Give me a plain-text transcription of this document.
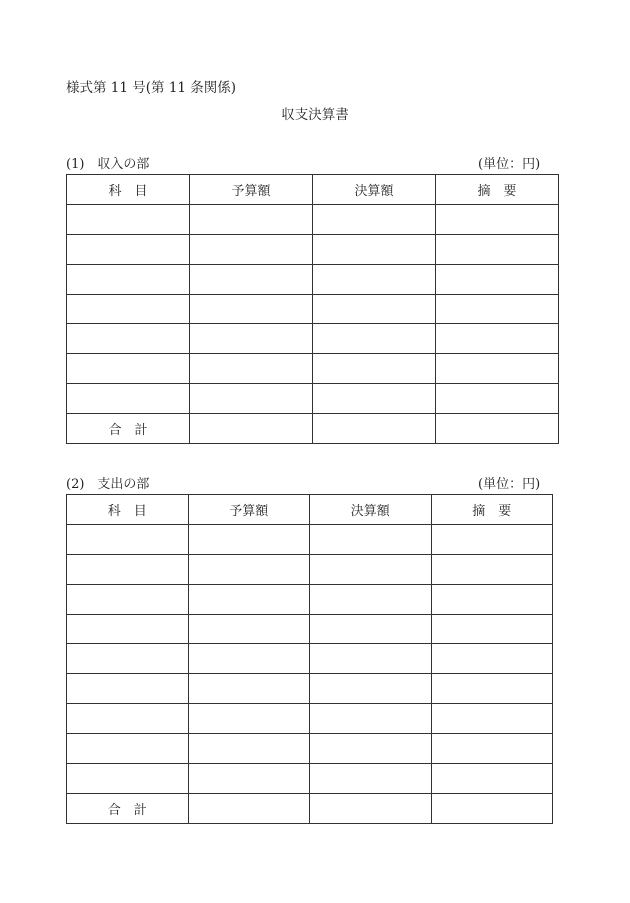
様式第 11 号(第 11 条関係)
収支決算書
(1)　収入の部	(単位：円)
科　目	予算額	決算額	摘　要

合　計			
(2)　支出の部	(単位：円)
科　目	予算額	決算額	摘　要

合　計			
